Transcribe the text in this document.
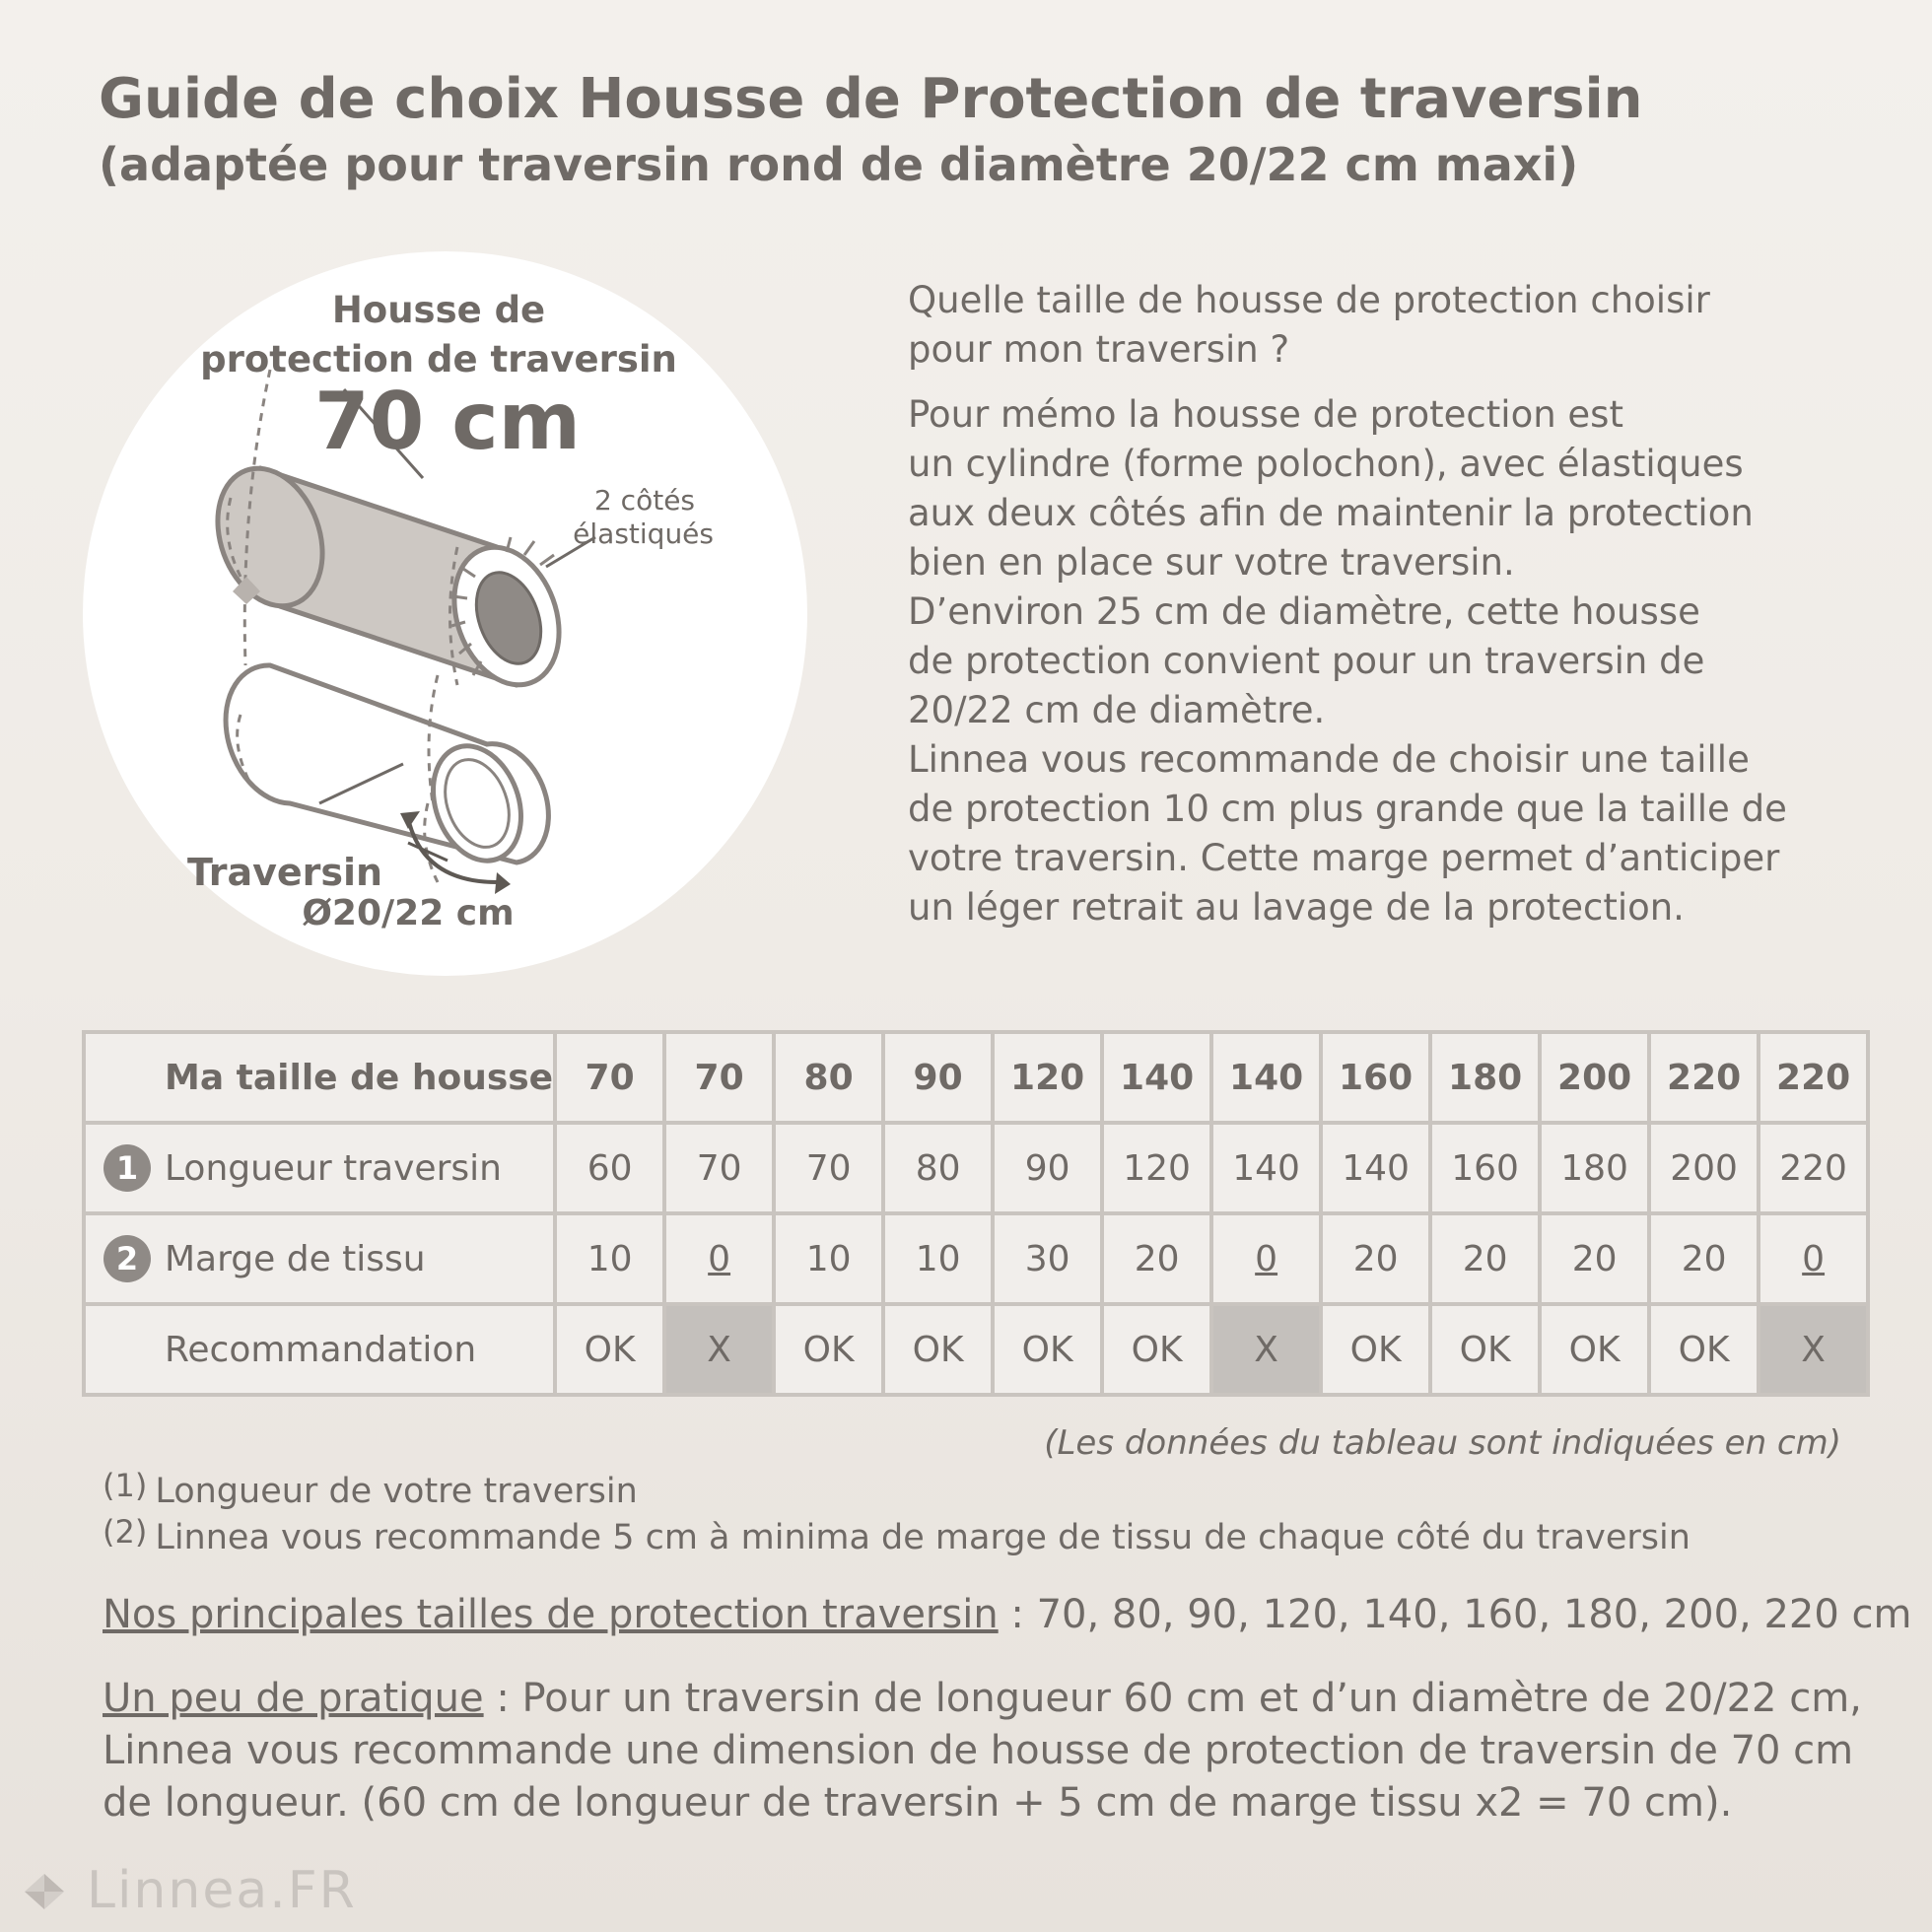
Guide de choix Housse de Protection de traversin
(adaptée pour traversin rond de diamètre 20/22 cm maxi)
Housse de
protection de traversin
70 cm
2 côtés
élastiqués
Traversin
Ø20/22 cm

Quelle taille de housse de protection choisir
pour mon traversin ?

Pour mémo la housse de protection est
un cylindre (forme polochon), avec élastiques
aux deux côtés afin de maintenir la protection
bien en place sur votre traversin.
D’environ 25 cm de diamètre, cette housse
de protection convient pour un traversin de
20/22 cm de diamètre.
Linnea vous recommande de choisir une taille
de protection 10 cm plus grande que la taille de
votre traversin. Cette marge permet d’anticiper
un léger retrait au lavage de la protection.

Ma taille de housse	70	70	80	90	120	140	140	160	180	200	220	220

1 Longueur traversin	60	70	70	80	90	120	140	140	160	180	200	220

2 Marge de tissu	10	0	10	10	30	20	0	20	20	20	20	0
Recommandation	OK	X	OK	OK	OK	OK	X	OK	OK	OK	OK	X
(Les données du tableau sont indiquées en cm)
(1) Longueur de votre traversin
(2) Linnea vous recommande 5 cm à minima de marge de tissu de chaque côté du traversin
Nos principales tailles de protection traversin : 70, 80, 90, 120, 140, 160, 180, 200, 220 cm
Un peu de pratique : Pour un traversin de longueur 60 cm et d’un diamètre de 20/22 cm,
Linnea vous recommande une dimension de housse de protection de traversin de 70 cm
de longueur. (60 cm de longueur de traversin + 5 cm de marge tissu x2 = 70 cm).
Linnea.FR
